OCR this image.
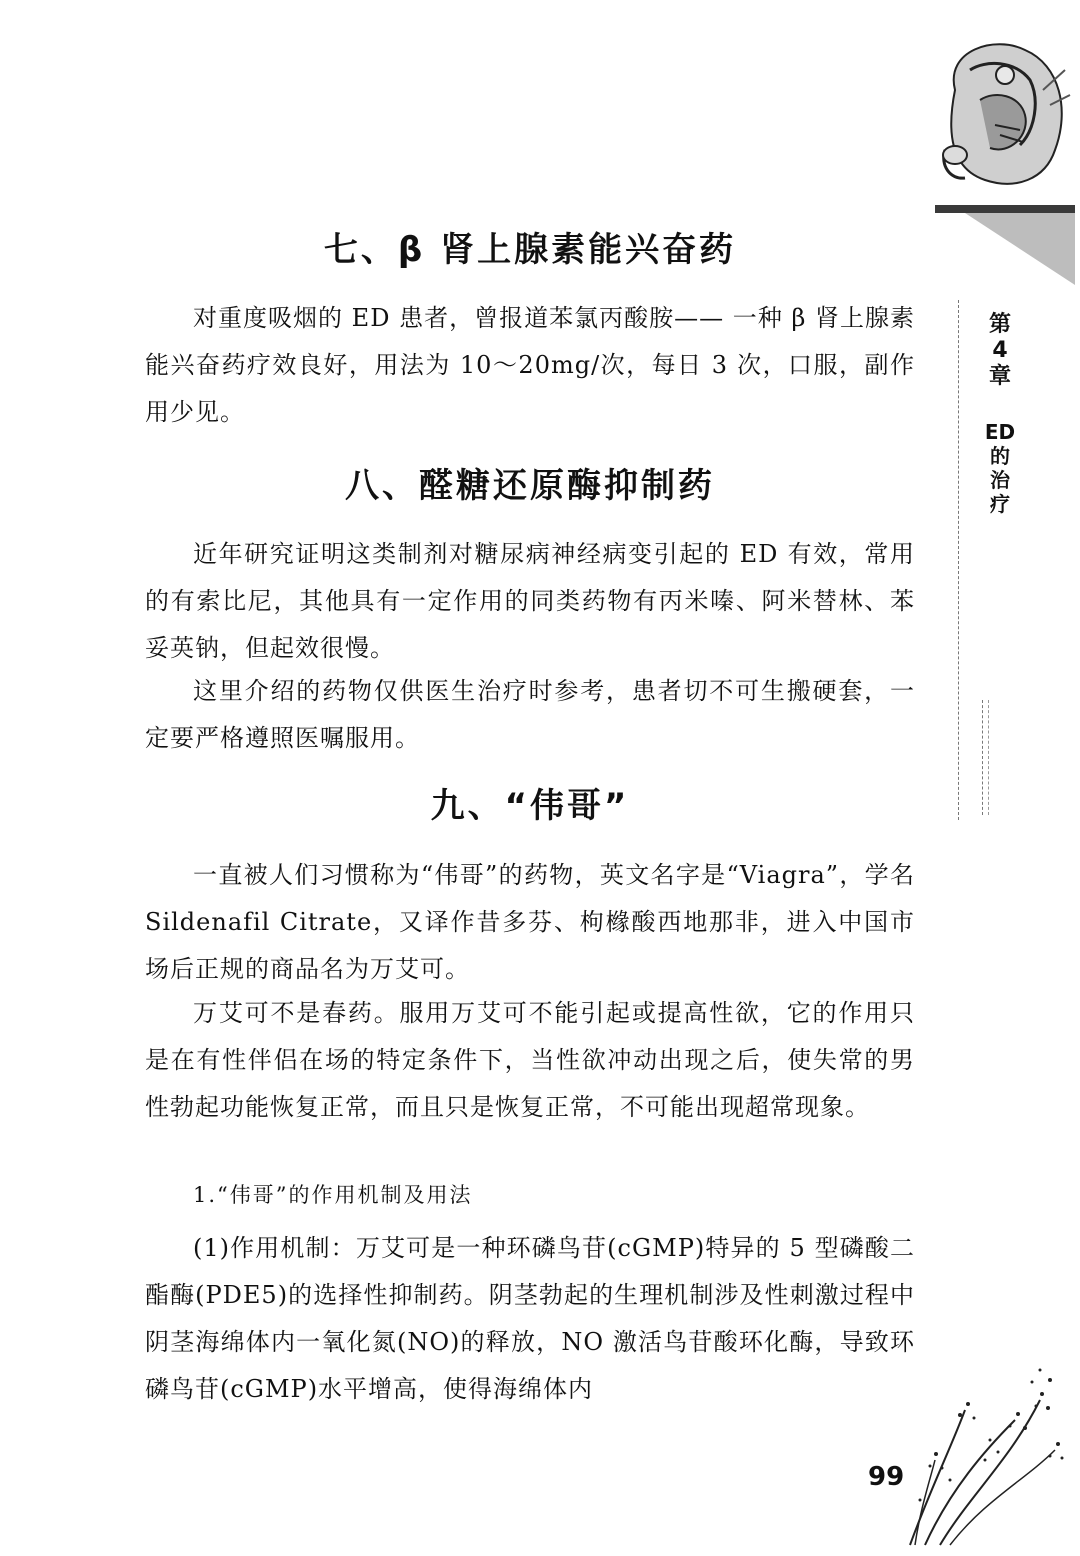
第
4
章
ED
的
治
疗
七、β 肾上腺素能兴奋药

对重度吸烟的 ED 患者，曾报道苯氯丙酸胺—— 一种 β 肾上腺素能兴奋药疗效良好，用法为 10～20mg/次，每日 3 次，口服，副作用少见。

八、醛糖还原酶抑制药

近年研究证明这类制剂对糖尿病神经病变引起的 ED 有效，常用的有索比尼，其他具有一定作用的同类药物有丙米嗪、阿米替林、苯妥英钠，但起效很慢。

这里介绍的药物仅供医生治疗时参考，患者切不可生搬硬套，一定要严格遵照医嘱服用。

九、“伟哥”

一直被人们习惯称为“伟哥”的药物，英文名字是“Viagra”，学名 Sildenafil Citrate，又译作昔多芬、枸橼酸西地那非，进入中国市场后正规的商品名为万艾可。

万艾可不是春药。服用万艾可不能引起或提高性欲，它的作用只是在有性伴侣在场的特定条件下，当性欲冲动出现之后，使失常的男性勃起功能恢复正常，而且只是恢复正常，不可能出现超常现象。

1.“伟哥”的作用机制及用法

(1)作用机制：万艾可是一种环磷鸟苷(cGMP)特异的 5 型磷酸二酯酶(PDE5)的选择性抑制药。阴茎勃起的生理机制涉及性刺激过程中阴茎海绵体内一氧化氮(NO)的释放，NO 激活鸟苷酸环化酶，导致环磷鸟苷(cGMP)水平增高，使得海绵体内

99
